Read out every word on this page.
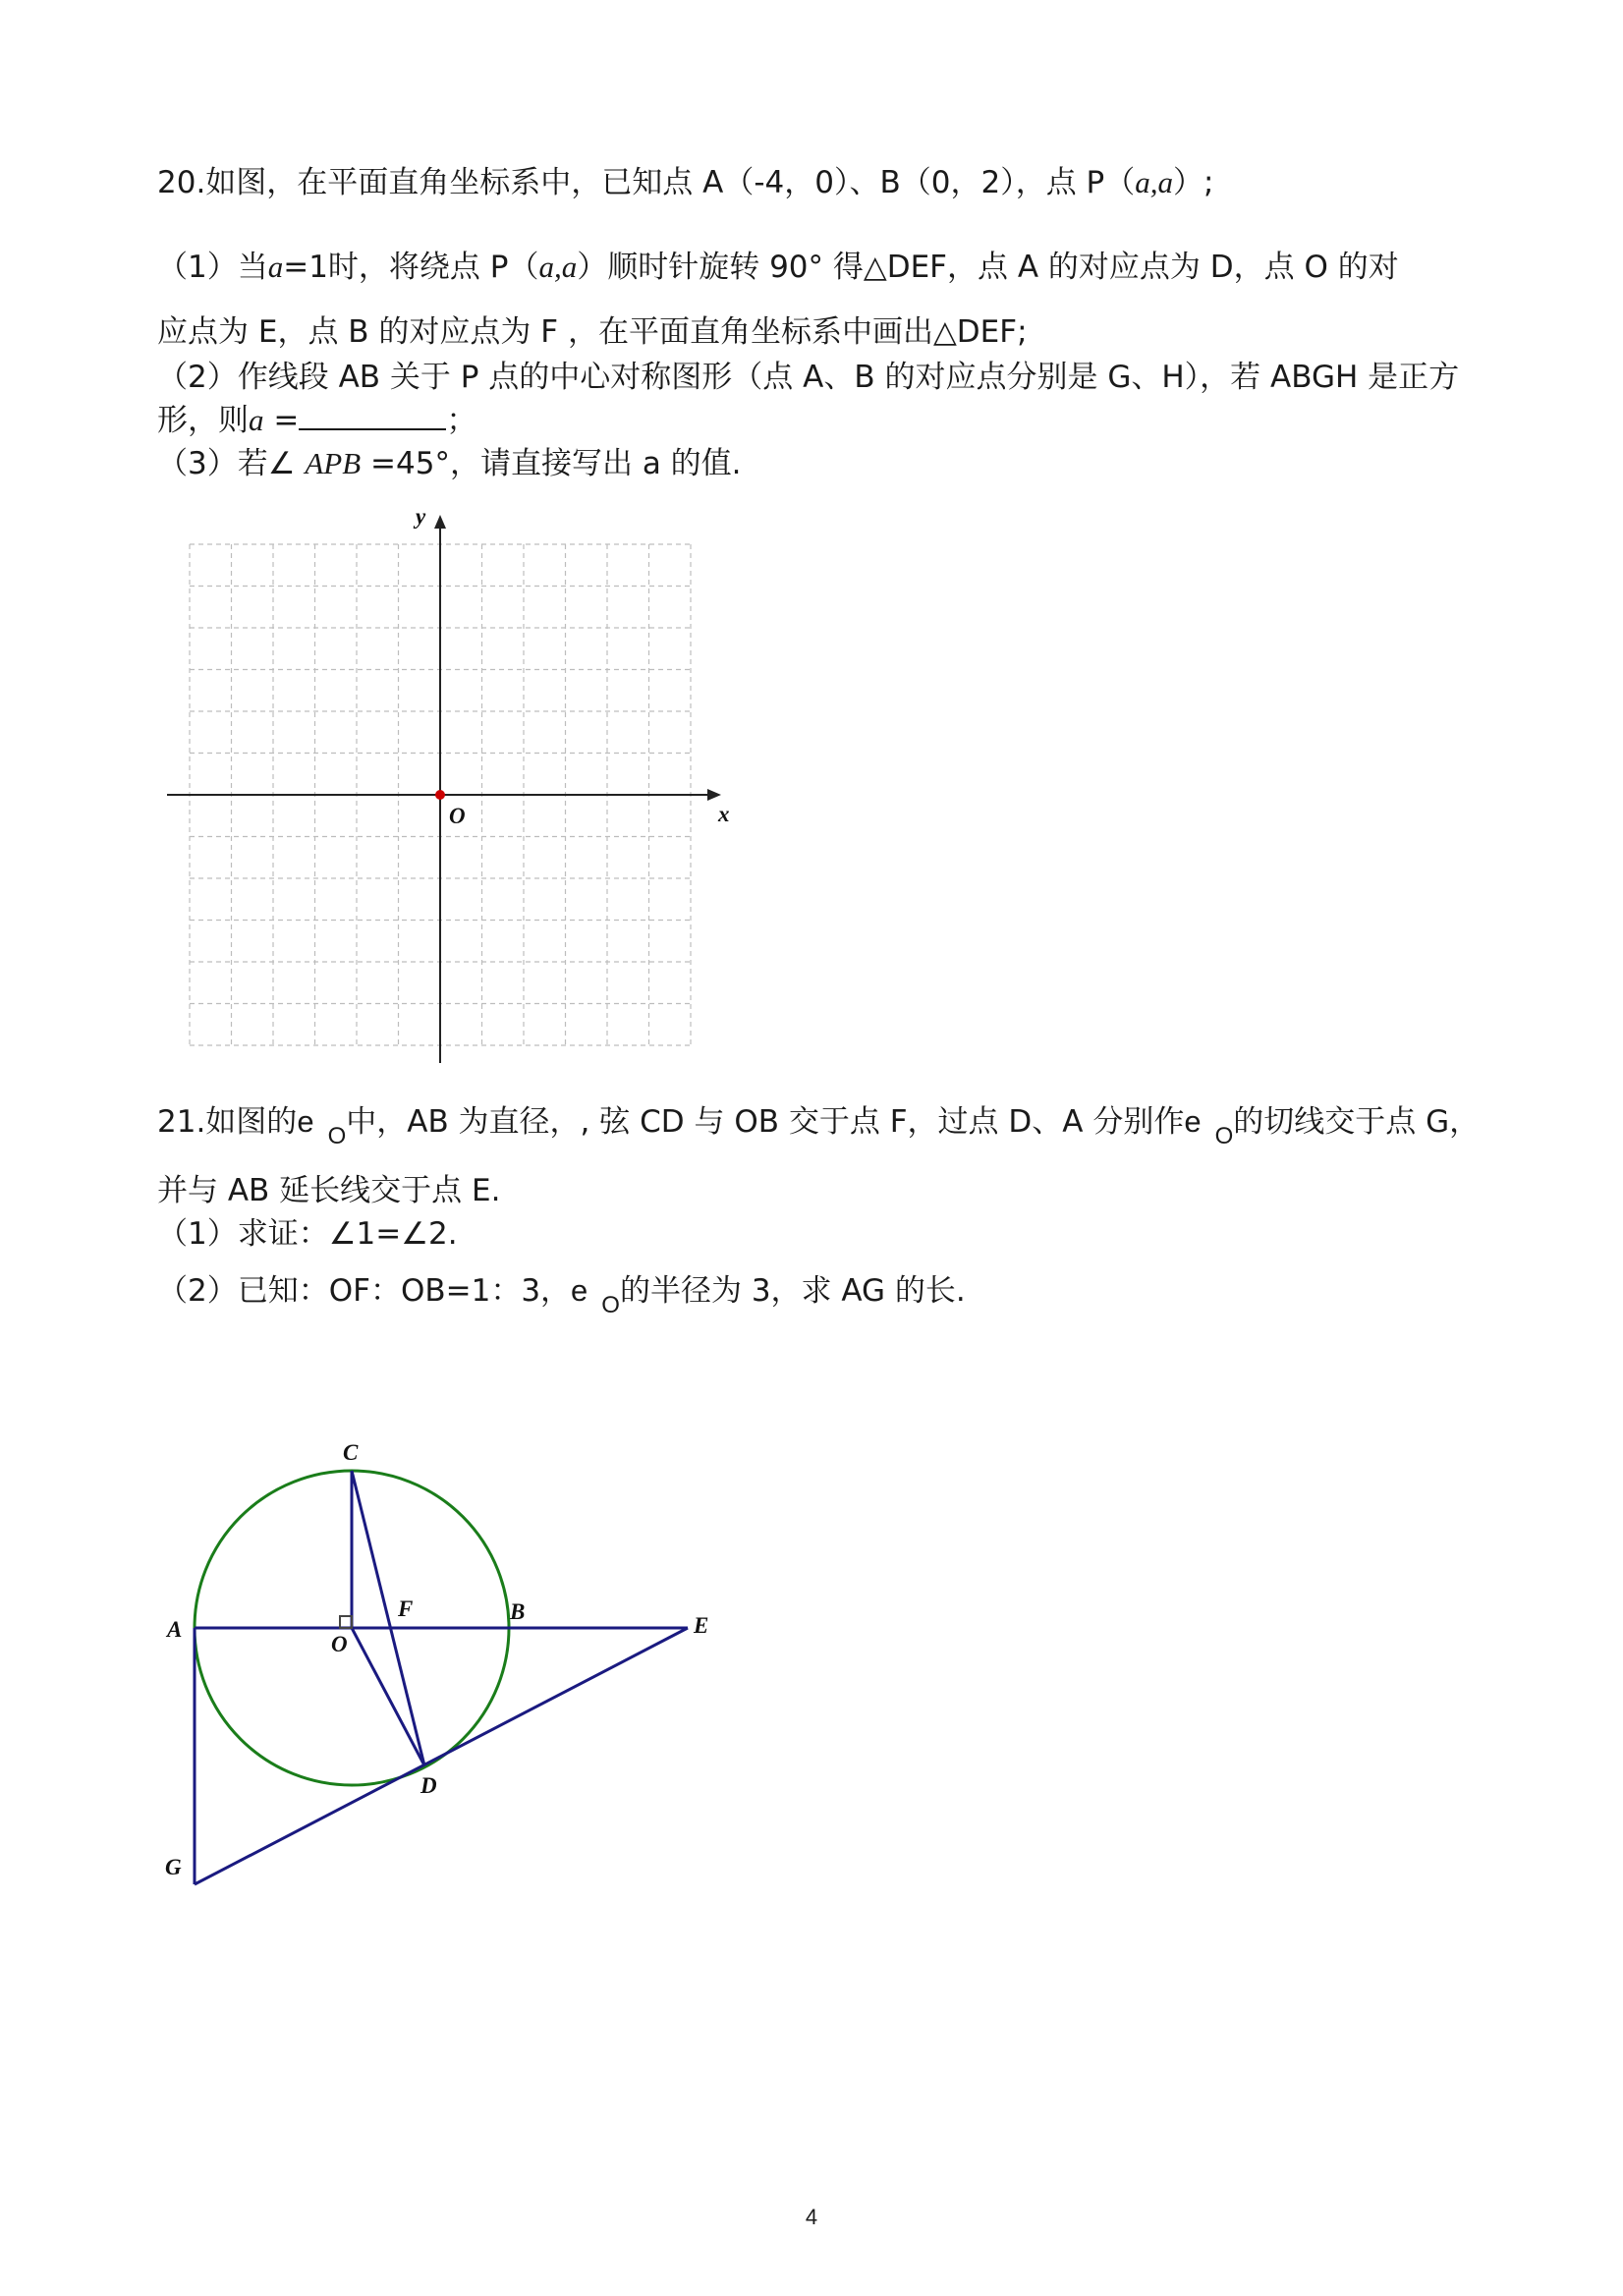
20.如图，在平面直角坐标系中，已知点 A（-4，0）、B（0，2），点 P（a,a）;
（1）当a=1时，将绕点 P（a,a）顺时针旋转 90° 得△DEF，点 A 的对应点为 D，点 O 的对
应点为 E，点 B 的对应点为 F ，在平面直角坐标系中画出△DEF;
（2）作线段 AB 关于 P 点的中心对称图形（点 A、B 的对应点分别是 G、H），若 ABGH 是正方
形，则a =	；
（3）若∠ APB =45°，请直接写出 a 的值.
y
x
O
21.如图的e $_O$中，AB 为直径，, 弦 CD 与 OB 交于点 F，过点 D、A 分别作e $_O$的切线交于点 G，
并与 AB 延长线交于点 E.
（1）求证：∠1=∠2.
（2）已知：OF：OB=1：3，e $_O$的半径为 3，求 AG 的长.
C
A
O
F	B
E
D
G
4
